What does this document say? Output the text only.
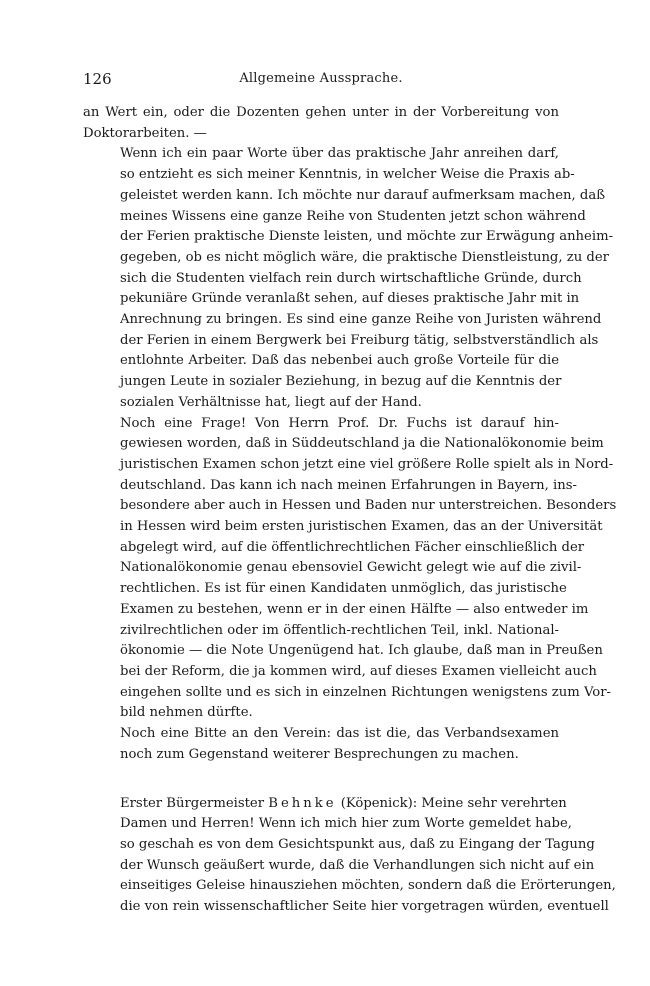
126	Allgemeine Aussprache.

an Wert ein, oder die Dozenten gehen unter in der Vorbereitung von
Doktorarbeiten. —

Wenn ich ein paar Worte über das praktische Jahr anreihen darf,
so entzieht es sich meiner Kenntnis, in welcher Weise die Praxis ab-
geleistet werden kann. Ich möchte nur darauf aufmerksam machen, daß
meines Wissens eine ganze Reihe von Studenten jetzt schon während
der Ferien praktische Dienste leisten, und möchte zur Erwägung anheim-
gegeben, ob es nicht möglich wäre, die praktische Dienstleistung, zu der
sich die Studenten vielfach rein durch wirtschaftliche Gründe, durch
pekuniäre Gründe veranlaßt sehen, auf dieses praktische Jahr mit in
Anrechnung zu bringen. Es sind eine ganze Reihe von Juristen während
der Ferien in einem Bergwerk bei Freiburg tätig, selbstverständlich als
entlohnte Arbeiter. Daß das nebenbei auch große Vorteile für die
jungen Leute in sozialer Beziehung, in bezug auf die Kenntnis der
sozialen Verhältnisse hat, liegt auf der Hand.

Noch eine Frage! Von Herrn Prof. Dr. Fuchs ist darauf hin-
gewiesen worden, daß in Süddeutschland ja die Nationalökonomie beim
juristischen Examen schon jetzt eine viel größere Rolle spielt als in Nord-
deutschland. Das kann ich nach meinen Erfahrungen in Bayern, ins-
besondere aber auch in Hessen und Baden nur unterstreichen. Besonders
in Hessen wird beim ersten juristischen Examen, das an der Universität
abgelegt wird, auf die öffentlichrechtlichen Fächer einschließlich der
Nationalökonomie genau ebensoviel Gewicht gelegt wie auf die zivil-
rechtlichen. Es ist für einen Kandidaten unmöglich, das juristische
Examen zu bestehen, wenn er in der einen Hälfte — also entweder im
zivilrechtlichen oder im öffentlich-rechtlichen Teil, inkl. National-
ökonomie — die Note Ungenügend hat. Ich glaube, daß man in Preußen
bei der Reform, die ja kommen wird, auf dieses Examen vielleicht auch
eingehen sollte und es sich in einzelnen Richtungen wenigstens zum Vor-
bild nehmen dürfte.

Noch eine Bitte an den Verein: das ist die, das Verbandsexamen
noch zum Gegenstand weiterer Besprechungen zu machen.

Erster Bürgermeister Behnke (Köpenick): Meine sehr verehrten
Damen und Herren! Wenn ich mich hier zum Worte gemeldet habe,
so geschah es von dem Gesichtspunkt aus, daß zu Eingang der Tagung
der Wunsch geäußert wurde, daß die Verhandlungen sich nicht auf ein
einseitiges Geleise hinausziehen möchten, sondern daß die Erörterungen,
die von rein wissenschaftlicher Seite hier vorgetragen würden, eventuell
